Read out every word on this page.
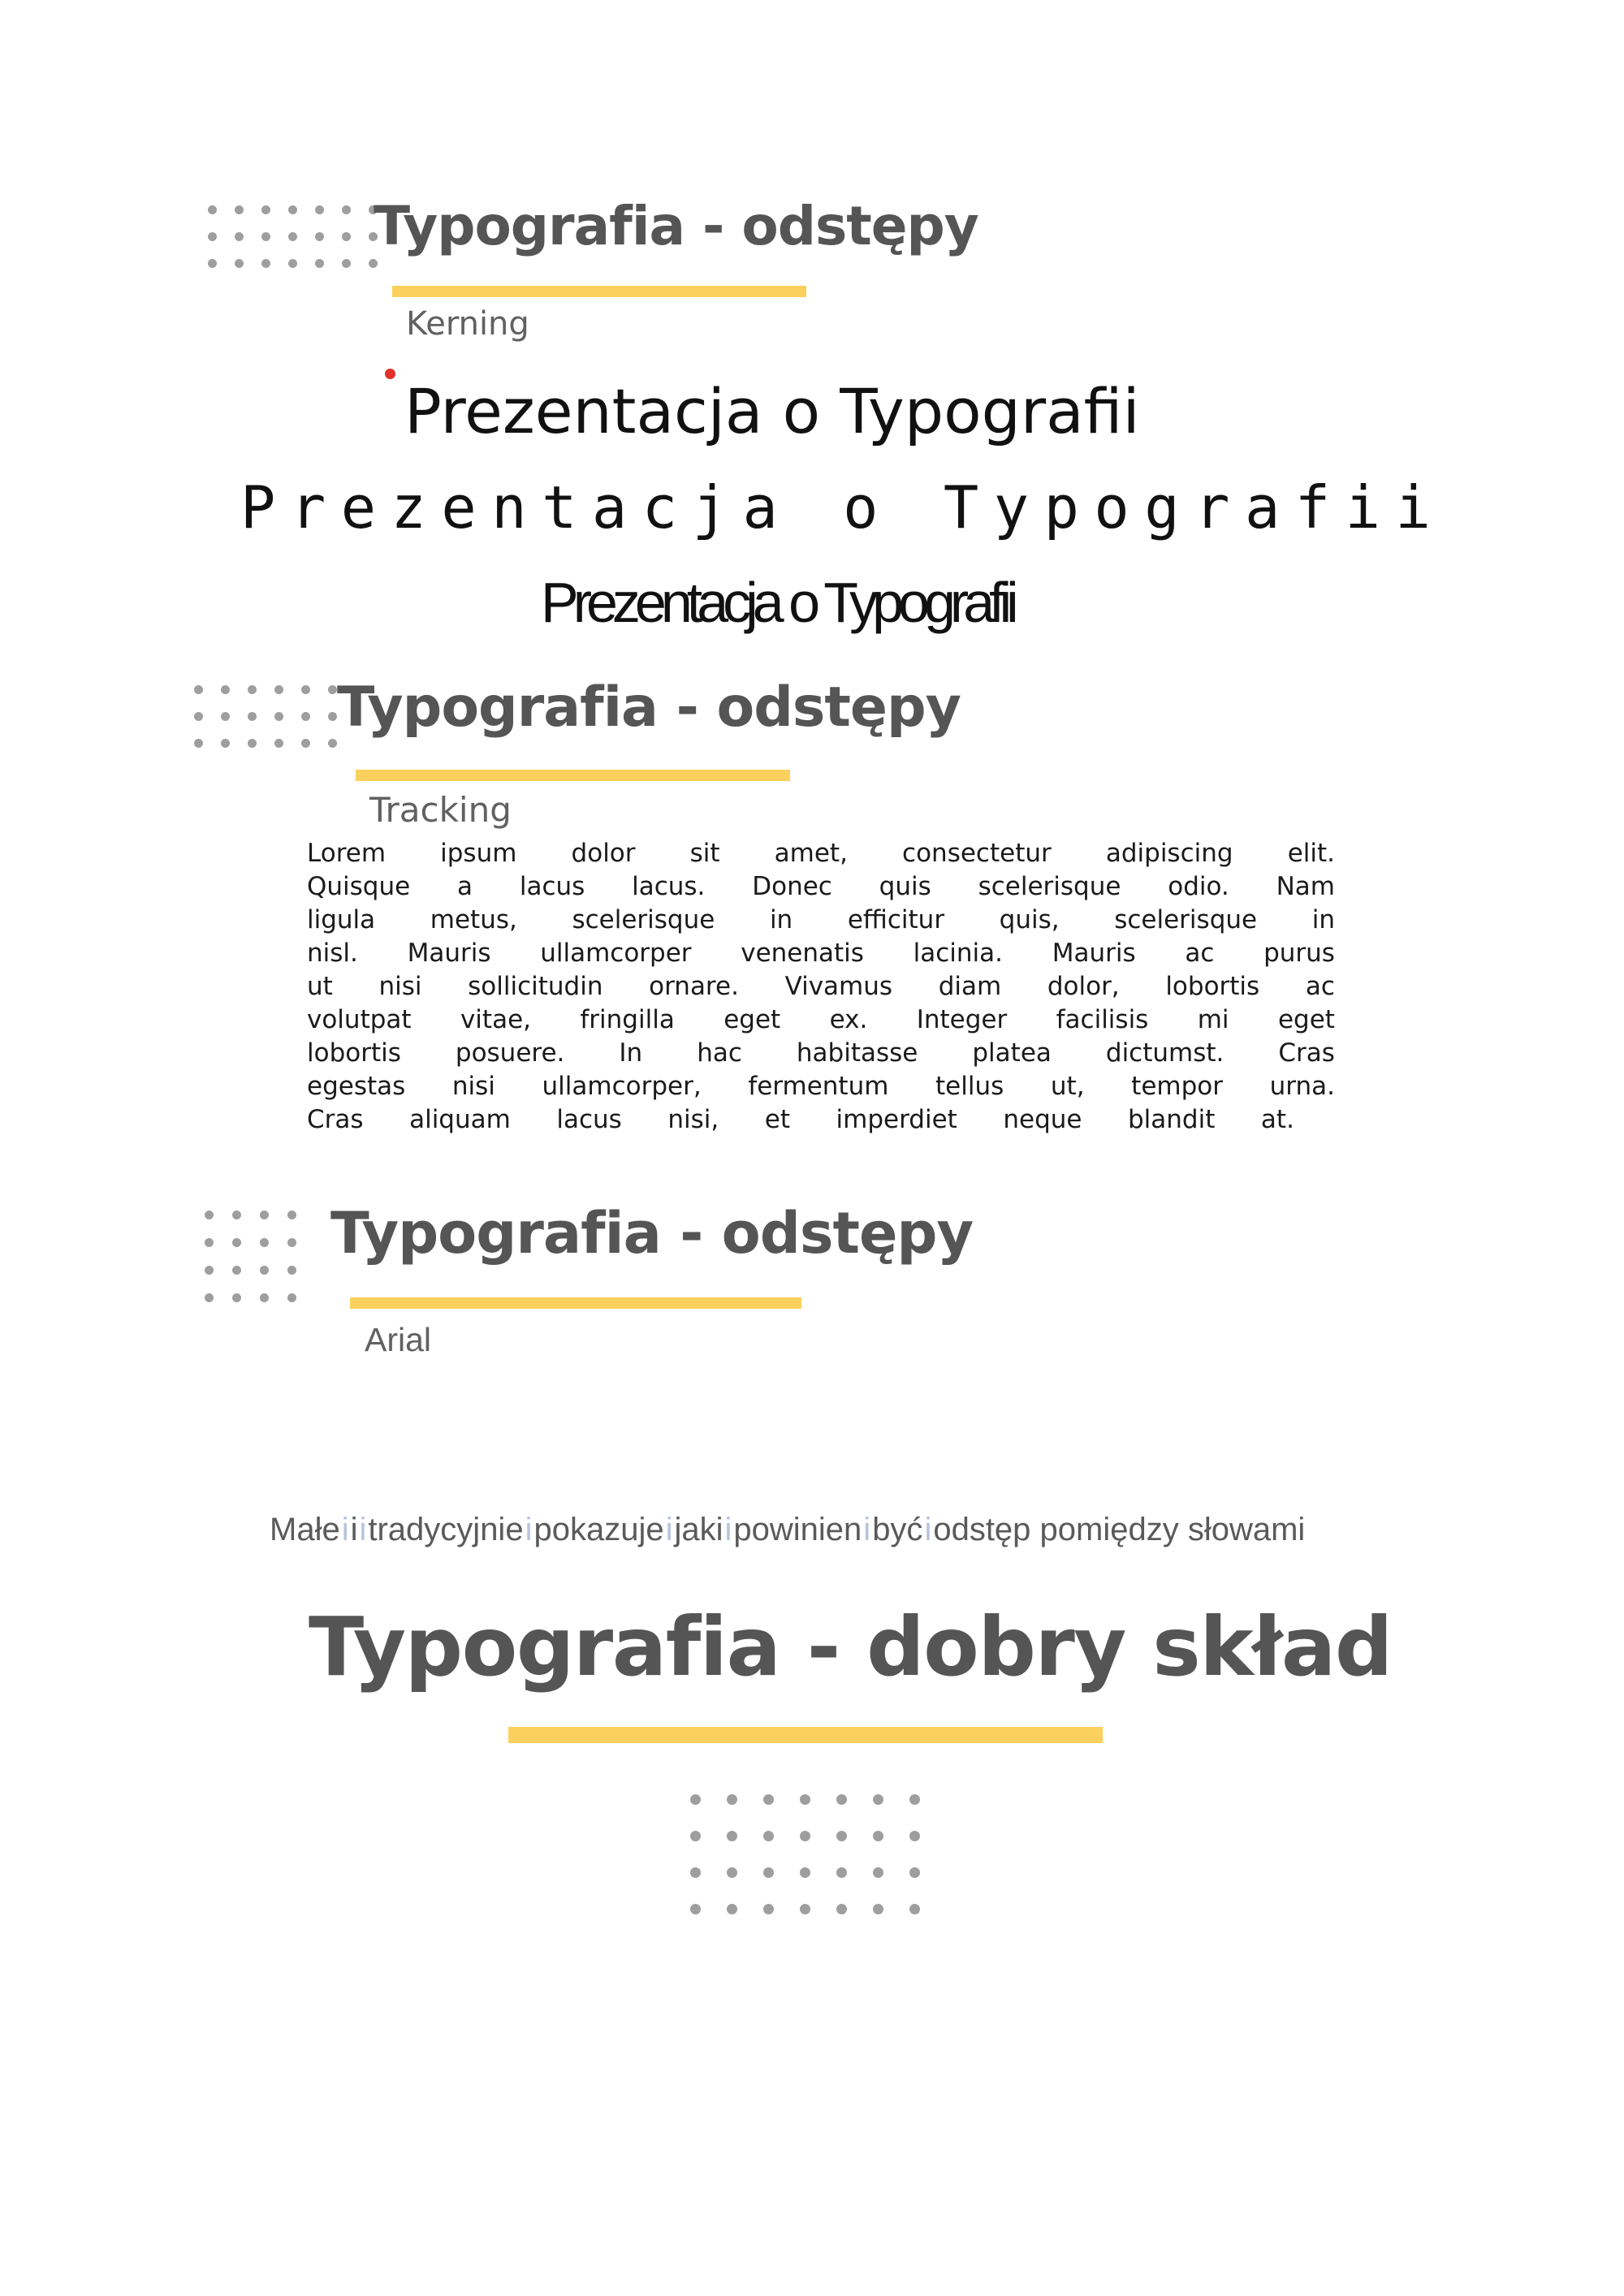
Typografia - odstępy
Kerning
Prezentacja o Typografii
Prezentacja o Typografii
Prezentacja o Typografii
Typografia - odstępy
Tracking
Lorem ipsum dolor sit amet, consectetur adipiscing elit.
Quisque a lacus lacus. Donec quis scelerisque odio. Nam
ligula metus, scelerisque in efficitur quis, scelerisque in
nisl. Mauris ullamcorper venenatis lacinia. Mauris ac purus
ut nisi sollicitudin ornare. Vivamus diam dolor, lobortis ac
volutpat vitae, fringilla eget ex. Integer facilisis mi eget
lobortis posuere. In hac habitasse platea dictumst. Cras
egestas nisi ullamcorper, fermentum tellus ut, tempor urna.
Cras aliquam lacus nisi, et imperdiet neque blandit at.
Typografia - odstępy
Arial
Małeiiitradycyjnieipokazujeijakiipowinienibyćiodstęp pomiędzy słowami
Typografia - dobry skład
